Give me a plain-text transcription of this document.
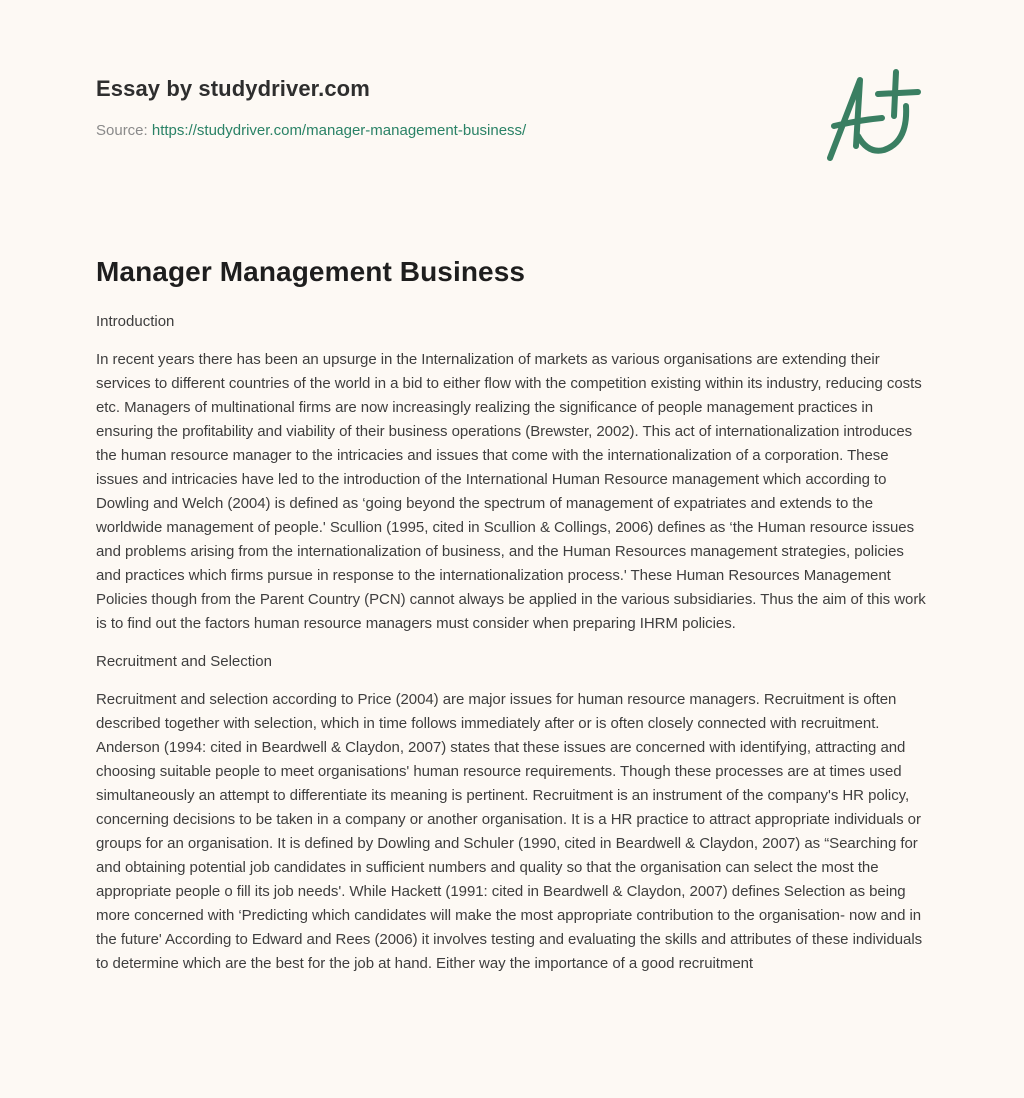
Essay by studydriver.com
Source: https://studydriver.com/manager-management-business/
Manager Management Business

Introduction

In recent years there has been an upsurge in the Internalization of markets as various organisations are extending their services to different countries of the world in a bid to either flow with the competition existing within its industry, reducing costs etc. Managers of multinational firms are now increasingly realizing the significance of people management practices in ensuring the profitability and viability of their business operations (Brewster, 2002). This act of internationalization introduces the human resource manager to the intricacies and issues that come with the internationalization of a corporation. These issues and intricacies have led to the introduction of the International Human Resource management which according to Dowling and Welch (2004) is defined as ‘going beyond the spectrum of management of expatriates and extends to the worldwide management of people.' Scullion (1995, cited in Scullion & Collings, 2006) defines as ‘the Human resource issues and problems arising from the internationalization of business, and the Human Resources management strategies, policies and practices which firms pursue in response to the internationalization process.' These Human Resources Management Policies though from the Parent Country (PCN) cannot always be applied in the various subsidiaries. Thus the aim of this work is to find out the factors human resource managers must consider when preparing IHRM policies.

Recruitment and Selection

Recruitment and selection according to Price (2004) are major issues for human resource managers. Recruitment is often described together with selection, which in time follows immediately after or is often closely connected with recruitment. Anderson (1994: cited in Beardwell & Claydon, 2007) states that these issues are concerned with identifying, attracting and choosing suitable people to meet organisations' human resource requirements. Though these processes are at times used simultaneously an attempt to differentiate its meaning is pertinent. Recruitment is an instrument of the company's HR policy, concerning decisions to be taken in a company or another organisation. It is a HR practice to attract appropriate individuals or groups for an organisation. It is defined by Dowling and Schuler (1990, cited in Beardwell & Claydon, 2007) as “Searching for and obtaining potential job candidates in sufficient numbers and quality so that the organisation can select the most the appropriate people o fill its job needs'. While Hackett (1991: cited in Beardwell & Claydon, 2007) defines Selection as being more concerned with ‘Predicting which candidates will make the most appropriate contribution to the organisation- now and in the future' According to Edward and Rees (2006) it involves testing and evaluating the skills and attributes of these individuals to determine which are the best for the job at hand. Either way the importance of a good recruitment
